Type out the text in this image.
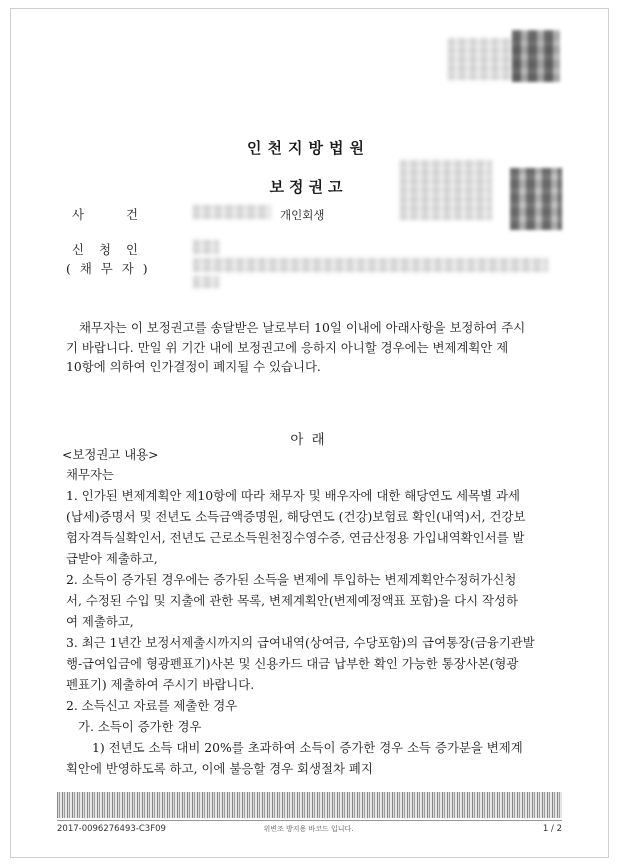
인천지방법원
보정권고
사건	개인회생
신청인
(채무자)
채무자는 이 보정권고를 송달받은 날로부터 10일 이내에 아래사항을 보정하여 주시
기 바랍니다. 만일 위 기간 내에 보정권고에 응하지 아니할 경우에는 변제계획안 제
10항에 의하여 인가결정이 폐지될 수 있습니다.
아 래
<보정권고 내용>
채무자는
1. 인가된 변제계획안 제10항에 따라 채무자 및 배우자에 대한 해당연도 세목별 과세
(납세)증명서 및 전년도 소득금액증명원, 해당연도 (건강)보험료 확인(내역)서, 건강보
험자격득실확인서, 전년도 근로소득원천징수영수증, 연금산정용 가입내역확인서를 발
급받아 제출하고,
2. 소득이 증가된 경우에는 증가된 소득을 변제에 투입하는 변제계획안수정허가신청
서, 수정된 수입 및 지출에 관한 목록, 변제계획안(변제예정액표 포함)을 다시 작성하
여 제출하고,
3. 최근 1년간 보정서제출시까지의 급여내역(상여금, 수당포함)의 급여통장(금융기관발
행-급여입금에 형광펜표기)사본 및 신용카드 대금 납부한 확인 가능한 통장사본(형광
펜표기) 제출하여 주시기 바랍니다.
2. 소득신고 자료를 제출한 경우
가. 소득이 증가한 경우
1) 전년도 소득 대비 20%를 초과하여 소득이 증가한 경우 소득 증가분을 변제계
획안에 반영하도록 하고, 이에 불응할 경우 회생절차 폐지
2017-0096276493-C3F09	위변조 방지용 바코드 입니다.	1 / 2
